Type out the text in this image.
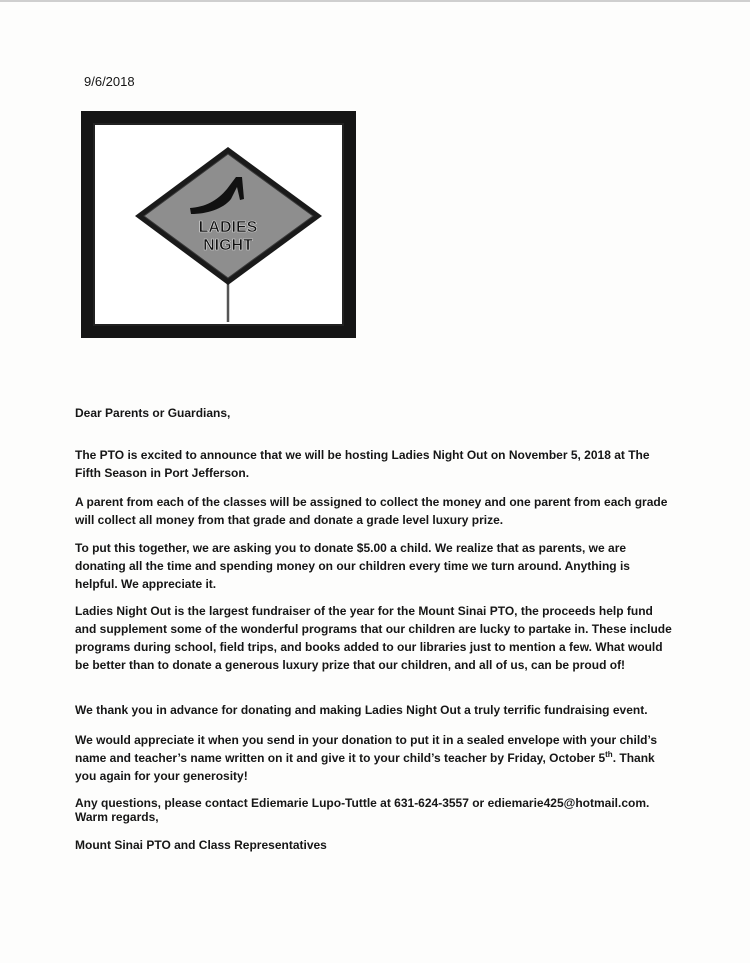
9/6/2018
LADIES
NIGHT
Dear Parents or Guardians,

The PTO is excited to announce that we will be hosting Ladies Night Out on November 5, 2018 at The Fifth Season in Port Jefferson.

A parent from each of the classes will be assigned to collect the money and one parent from each grade will collect all money from that grade and donate a grade level luxury prize.

To put this together, we are asking you to donate $5.00 a child. We realize that as parents, we are donating all the time and spending money on our children every time we turn around. Anything is helpful. We appreciate it.

Ladies Night Out is the largest fundraiser of the year for the Mount Sinai PTO, the proceeds help fund and supplement some of the wonderful programs that our children are lucky to partake in. These include programs during school, field trips, and books added to our libraries just to mention a few. What would be better than to donate a generous luxury prize that our children, and all of us, can be proud of!

We thank you in advance for donating and making Ladies Night Out a truly terrific fundraising event.

We would appreciate it when you send in your donation to put it in a sealed envelope with your child’s name and teacher’s name written on it and give it to your child’s teacher by Friday, October 5th. Thank you again for your generosity!

Any questions, please contact Ediemarie Lupo-Tuttle at 631-624-3557 or ediemarie425@hotmail.com.

Warm regards,
Mount Sinai PTO and Class Representatives
